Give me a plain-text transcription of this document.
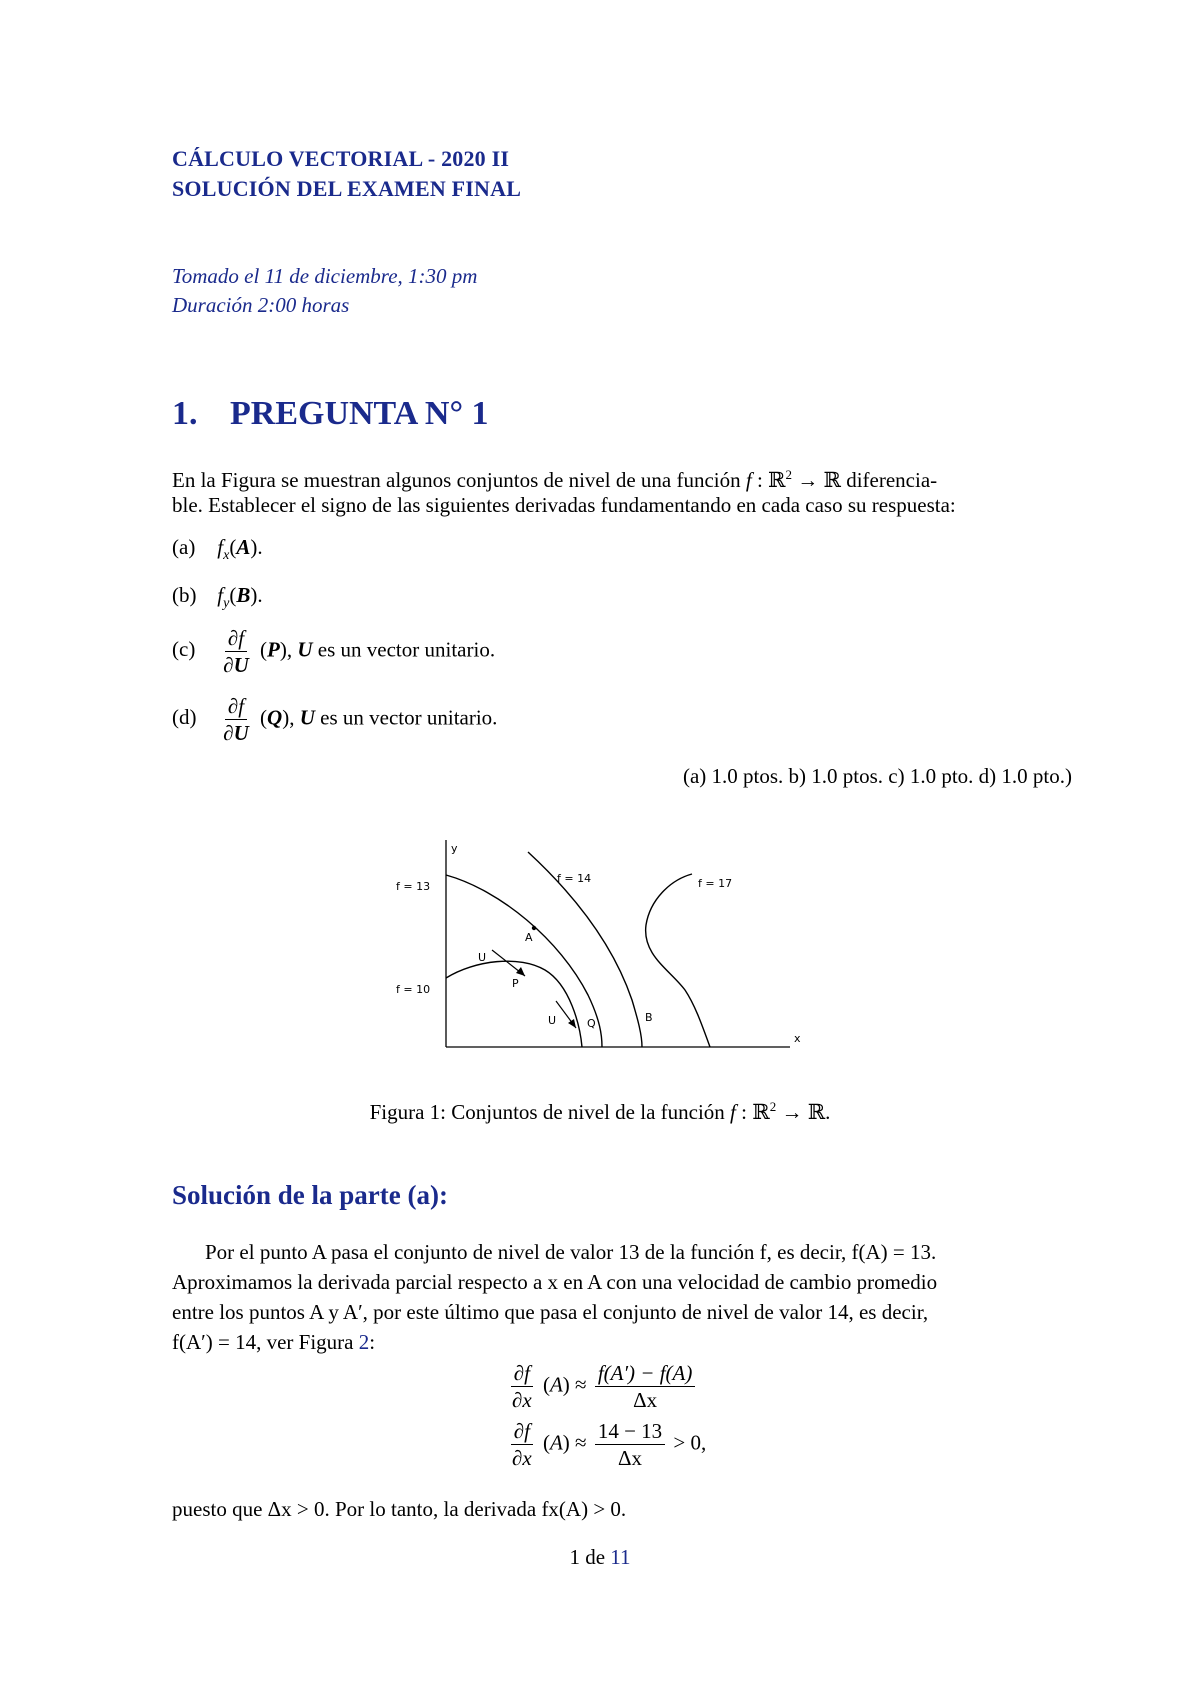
CÁLCULO VECTORIAL - 2020 II
SOLUCIÓN DEL EXAMEN FINAL
Tomado el 11 de diciembre, 1:30 pm
Duración 2:00 horas
1. PREGUNTA N° 1
En la Figura se muestran algunos conjuntos de nivel de una función f : ℝ$^2$ → ℝ diferencia-
ble. Establecer el signo de las siguientes derivadas fundamentando en cada caso su respuesta:
(a) $f_x(A)$.
(b) $f_y(B)$.
$(c) \frac{\partial f}{\partial U} (P)$, U es un vector unitario.
$(d) \frac{\partial f}{\partial U} (Q)$, U es un vector unitario.
(a) 1.0 ptos. b) 1.0 ptos. c) 1.0 pto. d) 1.0 pto.)
f = 13
f = 14	f = 17
f = 10
A
B
P
Q
U
U
x
y
Figura 1: Conjuntos de nivel de la función f : ℝ$^2$ → ℝ.
Solución de la parte (a):
Por el punto A pasa el conjunto de nivel de valor 13 de la función f, es decir, f(A) = 13.
Aproximamos la derivada parcial respecto a x en A con una velocidad de cambio promedio
entre los puntos A y A′, por este último que pasa el conjunto de nivel de valor 14, es decir,
f(A′) = 14, ver Figura 2:
$\frac{\partial f}{\partial x} (A) \approx \frac{f(A') - f(A)}{\Delta x}$
$\frac{\partial f}{\partial x} (A) \approx \frac{14 - 13}{\Delta x} > 0$,
puesto que Δx > 0. Por lo tanto, la derivada fx(A) > 0.
1 de 11
